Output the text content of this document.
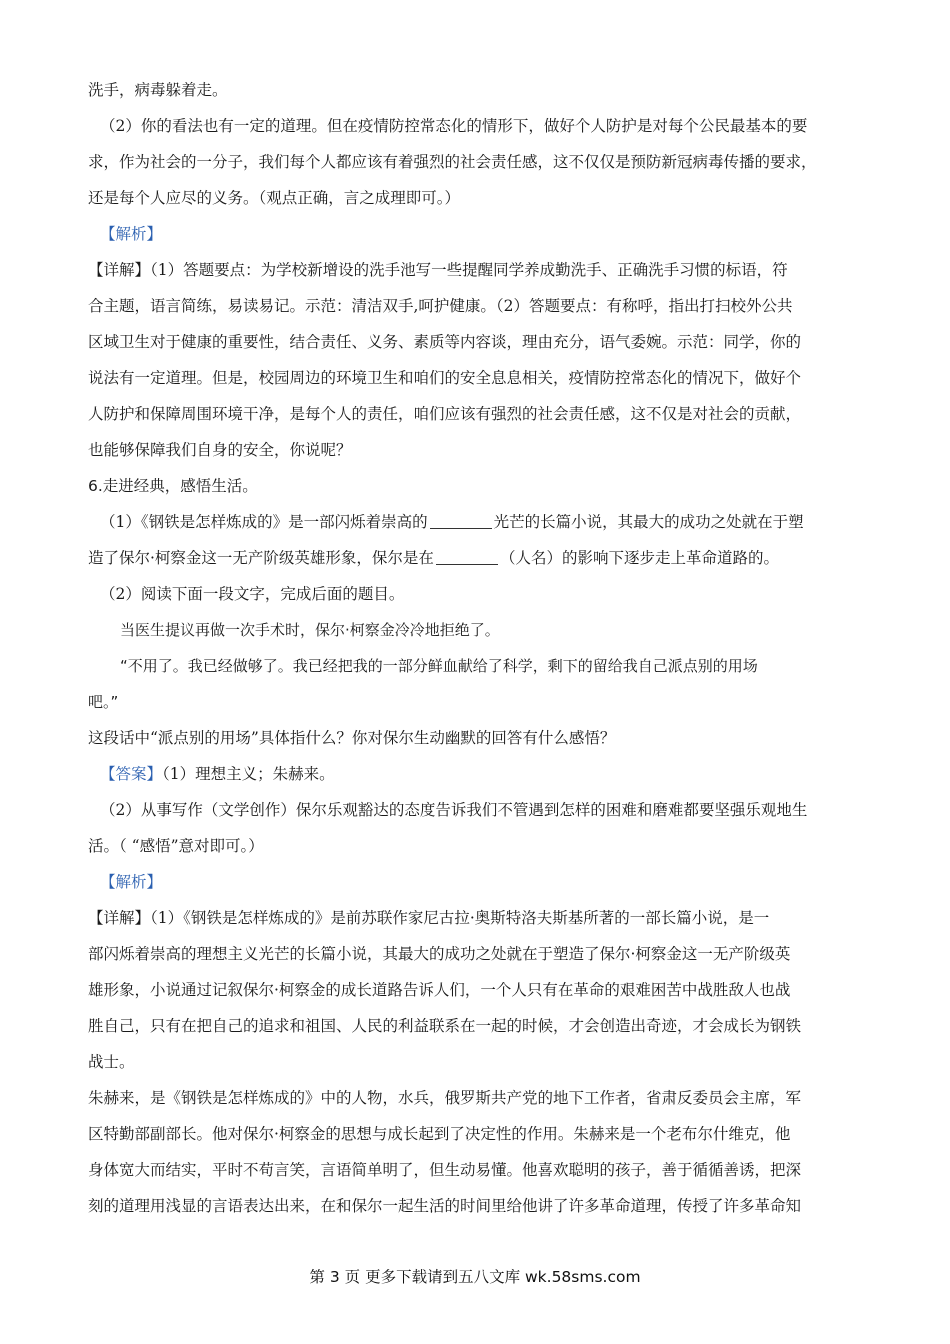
洗手，病毒躲着走。
（2）你的看法也有一定的道理。但在疫情防控常态化的情形下，做好个人防护是对每个公民最基本的要
求，作为社会的一分子，我们每个人都应该有着强烈的社会责任感，这不仅仅是预防新冠病毒传播的要求，
还是每个人应尽的义务。（观点正确，言之成理即可。）
【解析】
【详解】（1）答题要点：为学校新增设的洗手池写一些提醒同学养成勤洗手、正确洗手习惯的标语，符
合主题，语言简练，易读易记。示范：清洁双手,呵护健康。（2）答题要点：有称呼，指出打扫校外公共
区域卫生对于健康的重要性，结合责任、义务、素质等内容谈，理由充分，语气委婉。示范：同学，你的
说法有一定道理。但是，校园周边的环境卫生和咱们的安全息息相关，疫情防控常态化的情况下，做好个
人防护和保障周围环境干净，是每个人的责任，咱们应该有强烈的社会责任感，这不仅是对社会的贡献，
也能够保障我们自身的安全，你说呢？
6.走进经典，感悟生活。
（1）《钢铁是怎样炼成的》是一部闪烁着崇高的	光芒的长篇小说，其最大的成功之处就在于塑
造了保尔·柯察金这一无产阶级英雄形象，保尔是在	（人名）的影响下逐步走上革命道路的。
（2）阅读下面一段文字，完成后面的题目。
当医生提议再做一次手术时，保尔·柯察金冷冷地拒绝了。
“不用了。我已经做够了。我已经把我的一部分鲜血献给了科学，剩下的留给我自己派点别的用场
吧。”
这段话中“派点别的用场”具体指什么？你对保尔生动幽默的回答有什么感悟？
【答案】（1）理想主义；朱赫来。
（2）从事写作（文学创作）保尔乐观豁达的态度告诉我们不管遇到怎样的困难和磨难都要坚强乐观地生
活。（ “感悟”意对即可。）
【解析】
【详解】（1）《钢铁是怎样炼成的》是前苏联作家尼古拉·奥斯特洛夫斯基所著的一部长篇小说，是一
部闪烁着崇高的理想主义光芒的长篇小说，其最大的成功之处就在于塑造了保尔·柯察金这一无产阶级英
雄形象，小说通过记叙保尔·柯察金的成长道路告诉人们，一个人只有在革命的艰难困苦中战胜敌人也战
胜自己，只有在把自己的追求和祖国、人民的利益联系在一起的时候，才会创造出奇迹，才会成长为钢铁
战士。
朱赫来，是《钢铁是怎样炼成的》中的人物，水兵，俄罗斯共产党的地下工作者，省肃反委员会主席，军
区特勤部副部长。他对保尔·柯察金的思想与成长起到了决定性的作用。朱赫来是一个老布尔什维克，他
身体宽大而结实，平时不苟言笑，言语简单明了，但生动易懂。他喜欢聪明的孩子，善于循循善诱，把深
刻的道理用浅显的言语表达出来，在和保尔一起生活的时间里给他讲了许多革命道理，传授了许多革命知
第 3 页 更多下载请到五八文库 wk.58sms.com
